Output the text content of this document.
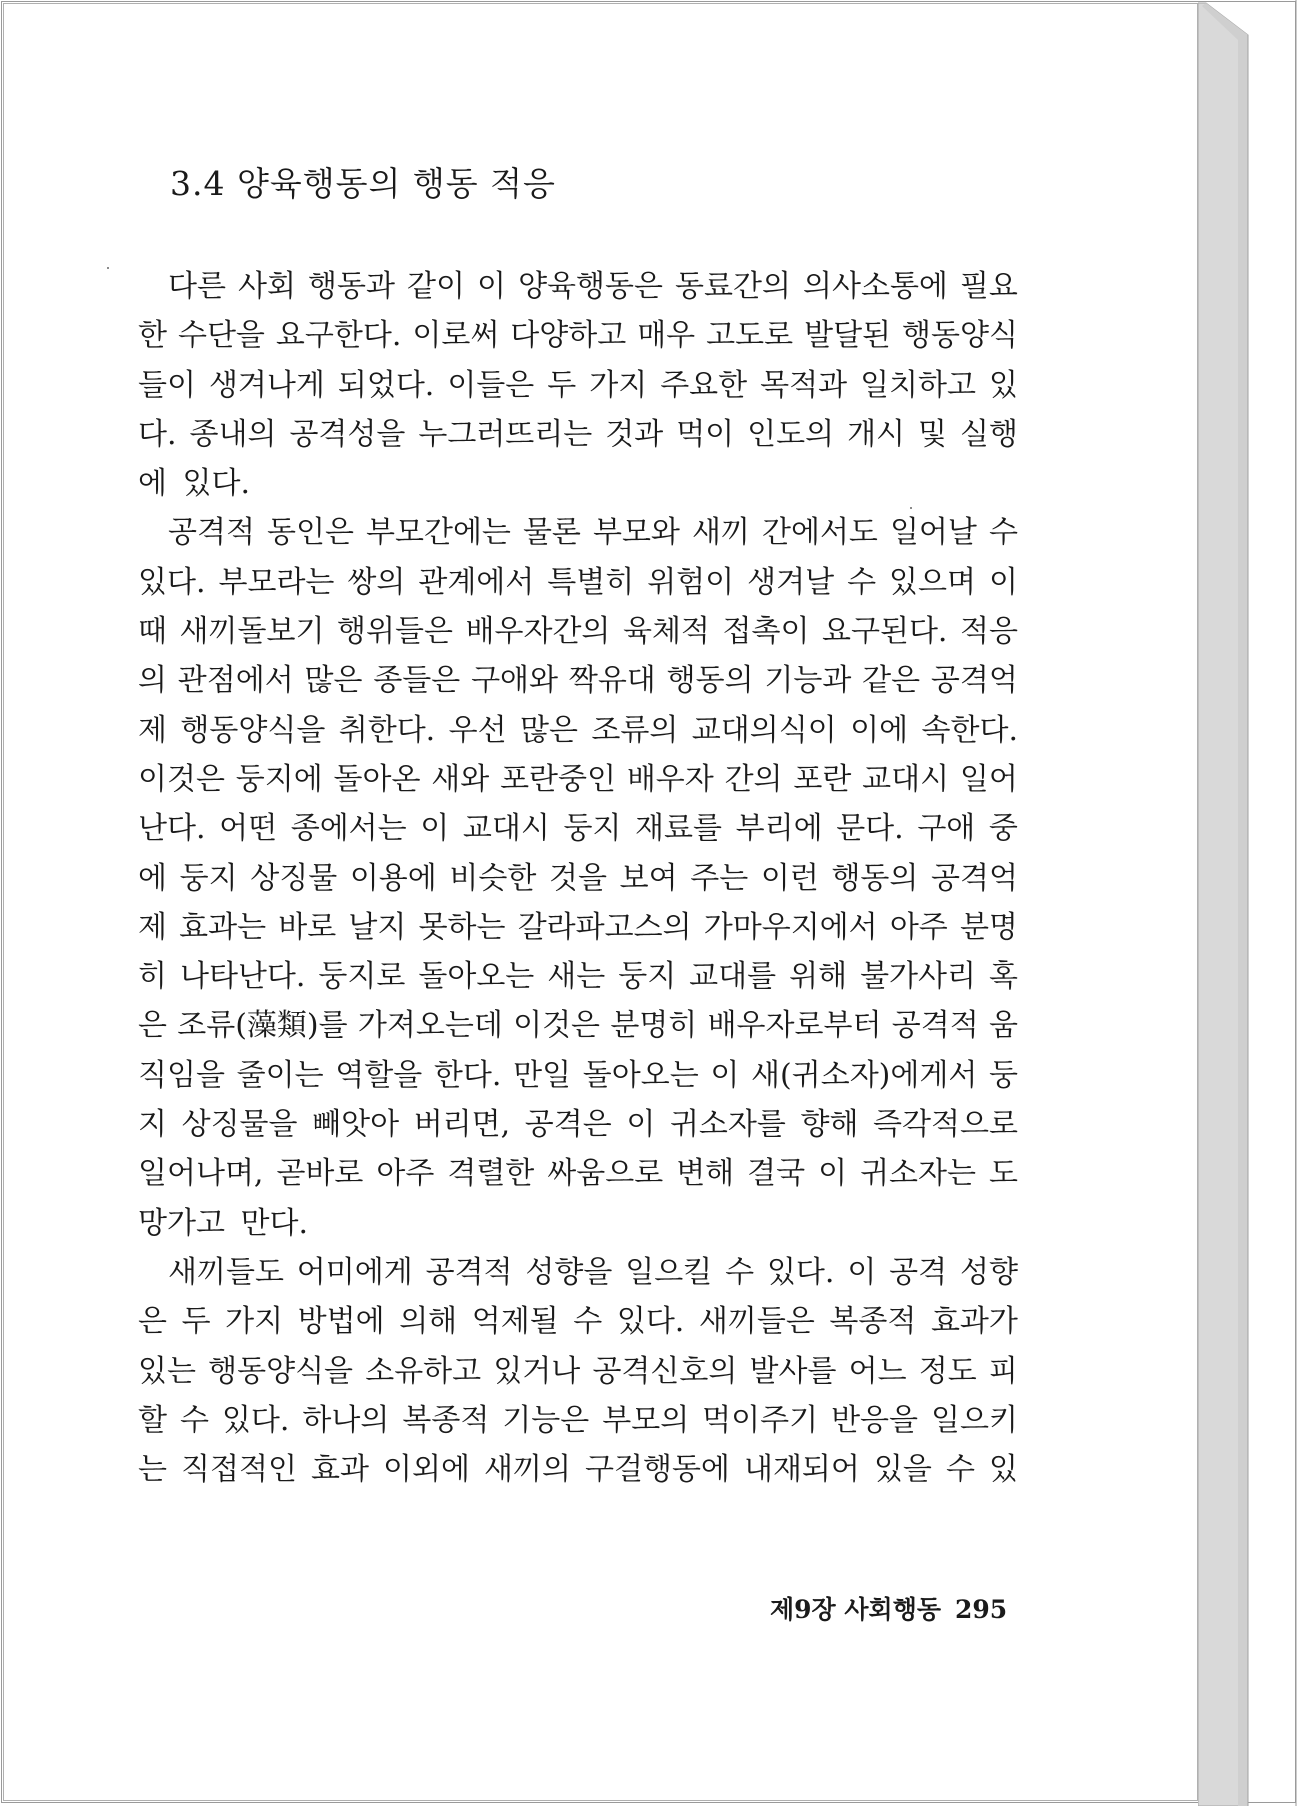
3.4 양육행동의 행동 적응
다른 사회 행동과 같이 이 양육행동은 동료간의 의사소통에 필요
한 수단을 요구한다. 이로써 다양하고 매우 고도로 발달된 행동양식
들이 생겨나게 되었다. 이들은 두 가지 주요한 목적과 일치하고 있
다. 종내의 공격성을 누그러뜨리는 것과 먹이 인도의 개시 및 실행
에 있다.
공격적 동인은 부모간에는 물론 부모와 새끼 간에서도 일어날 수
있다. 부모라는 쌍의 관계에서 특별히 위험이 생겨날 수 있으며 이
때 새끼돌보기 행위들은 배우자간의 육체적 접촉이 요구된다. 적응
의 관점에서 많은 종들은 구애와 짝유대 행동의 기능과 같은 공격억
제 행동양식을 취한다. 우선 많은 조류의 교대의식이 이에 속한다.
이것은 둥지에 돌아온 새와 포란중인 배우자 간의 포란 교대시 일어
난다. 어떤 종에서는 이 교대시 둥지 재료를 부리에 문다. 구애 중
에 둥지 상징물 이용에 비슷한 것을 보여 주는 이런 행동의 공격억
제 효과는 바로 날지 못하는 갈라파고스의 가마우지에서 아주 분명
히 나타난다. 둥지로 돌아오는 새는 둥지 교대를 위해 불가사리 혹
은 조류(藻類)를 가져오는데 이것은 분명히 배우자로부터 공격적 움
직임을 줄이는 역할을 한다. 만일 돌아오는 이 새(귀소자)에게서 둥
지 상징물을 빼앗아 버리면, 공격은 이 귀소자를 향해 즉각적으로
일어나며, 곧바로 아주 격렬한 싸움으로 변해 결국 이 귀소자는 도
망가고 만다.
새끼들도 어미에게 공격적 성향을 일으킬 수 있다. 이 공격 성향
은 두 가지 방법에 의해 억제될 수 있다. 새끼들은 복종적 효과가
있는 행동양식을 소유하고 있거나 공격신호의 발사를 어느 정도 피
할 수 있다. 하나의 복종적 기능은 부모의 먹이주기 반응을 일으키
는 직접적인 효과 이외에 새끼의 구걸행동에 내재되어 있을 수 있
제9장 사회행동 295
